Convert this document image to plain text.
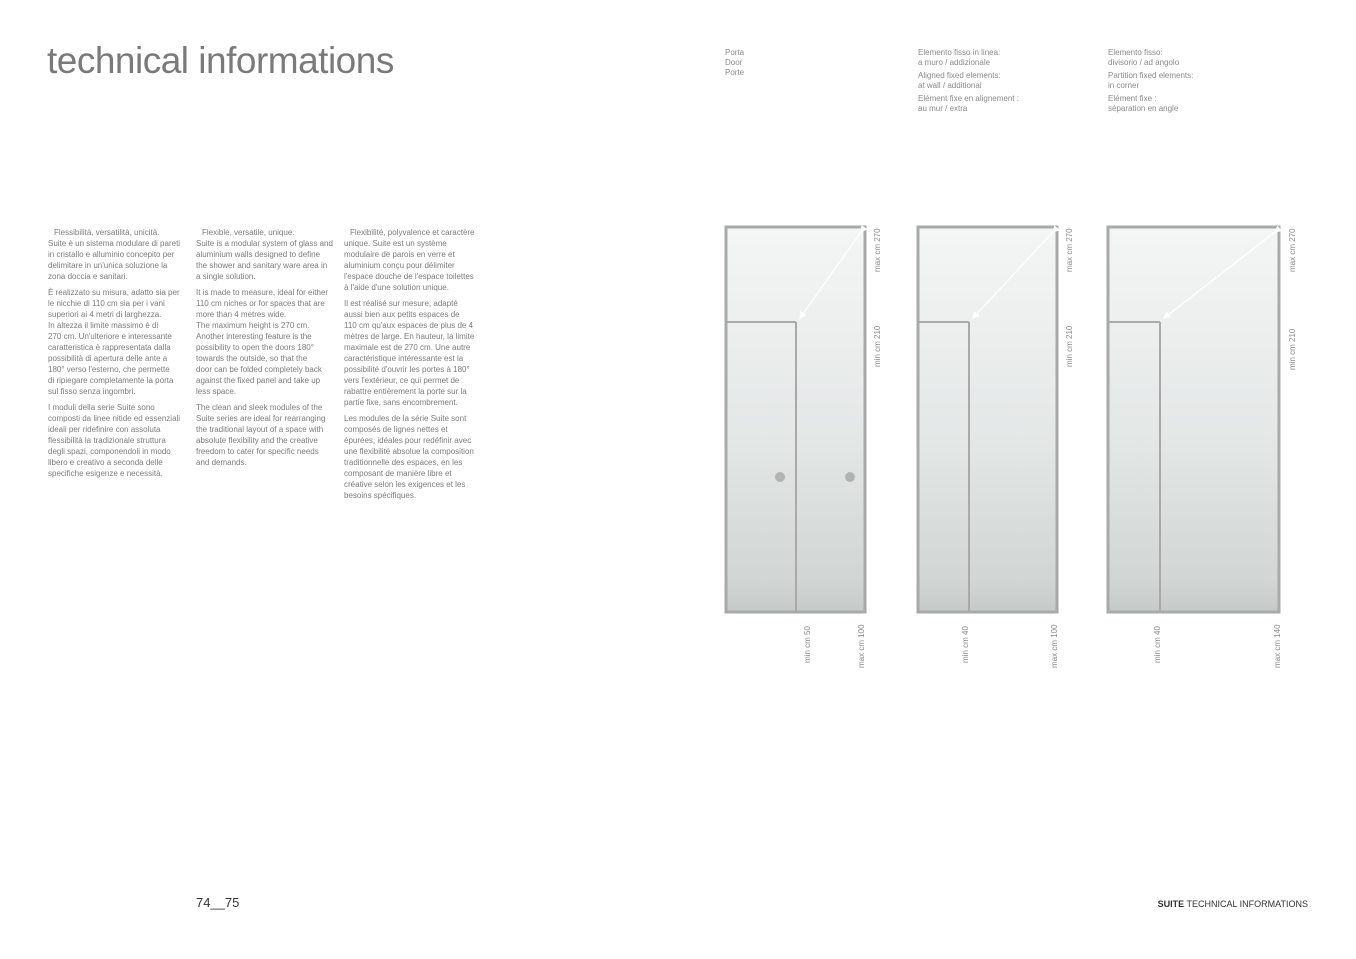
technical informations

Flessibilità, versatilità, unicità.
Suite è un sistema modulare di pareti
in cristallo e alluminio concepito per
delimitare in un'unica soluzione la
zona doccia e sanitari.

È realizzato su misura, adatto sia per
le nicchie di 110 cm sia per i vani
superiori ai 4 metri di larghezza.
In altezza il limite massimo è di
270 cm. Un'ulteriore e interessante
caratteristica è rappresentata dalla
possibilità di apertura delle ante a
180° verso l'esterno, che permette
di ripiegare completamente la porta
sul fisso senza ingombri.

I moduli della serie Suite sono
composti da linee nitide ed essenziali
ideali per ridefinire con assoluta
flessibilità la tradizionale struttura
degli spazi, componendoli in modo
libero e creativo a seconda delle
specifiche esigenze e necessità.

Flexible, versatile, unique.
Suite is a modular system of glass and
aluminium walls designed to define
the shower and sanitary ware area in
a single solution.

It is made to measure, ideal for either
110 cm niches or for spaces that are
more than 4 metres wide.
The maximum height is 270 cm.
Another interesting feature is the
possibility to open the doors 180°
towards the outside, so that the
door can be folded completely back
against the fixed panel and take up
less space.

The clean and sleek modules of the
Suite series are ideal for rearranging
the traditional layout of a space with
absolute flexibility and the creative
freedom to cater for specific needs
and demands.

Flexibilité, polyvalence et caractère
unique. Suite est un système
modulaire de parois en verre et
aluminium conçu pour délimiter
l'espace douche de l'espace toilettes
à l'aide d'une solution unique.

Il est réalisé sur mesure, adapté
aussi bien aux petits espaces de
110 cm qu'aux espaces de plus de 4
mètres de large. En hauteur, la limite
maximale est de 270 cm. Une autre
caractéristique intéressante est la
possibilité d'ouvrir les portes à 180°
vers l'extérieur, ce qui permet de
rabattre entièrement la porte sur la
partie fixe, sans encombrement.

Les modules de la série Suite sont
composés de lignes nettes et
épurées, idéales pour redéfinir avec
une flexibilité absolue la composition
traditionnelle des espaces, en les
composant de manière libre et
créative selon les exigences et les
besoins spécifiques.

Porta
Door
Porte
Elemento fisso in linea:
a muro / addizionale
Aligned fixed elements:
at wall / additional
Elément fixe en alignement :
au mur / extra
Elemento fisso:
divisorio / ad angolo
Partition fixed elements:
in corner
Elément fixe :
séparation en angle
max cm 270
min cm 210
min cm 50	max cm 100
max cm 270
min cm 210
min cm 40	max cm 100
max cm 270
min cm 210
min cm 40	max cm 140
74__75	SUITE TECHNICAL INFORMATIONS
